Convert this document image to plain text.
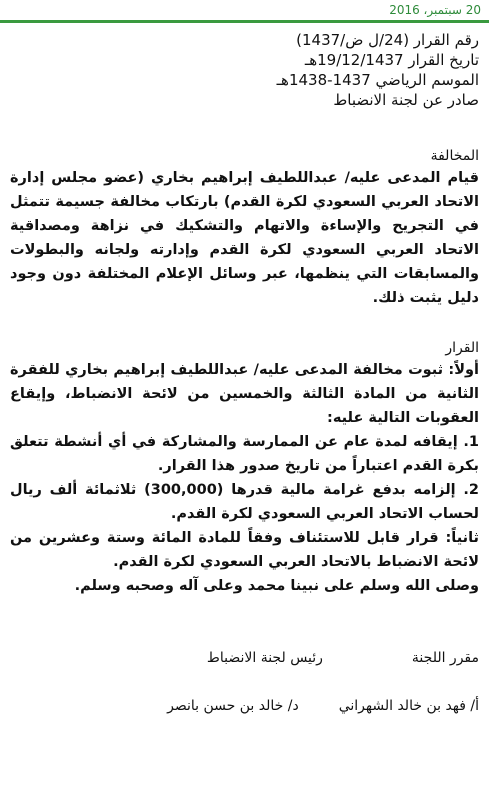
20 سبتمبر، 2016
رقم القرار (24/ل ض/1437)
تاريخ القرار 19/12/1437هـ
الموسم الرياضي 1437-1438هـ
صادر عن لجنة الانضباط
المخالفة

قيام المدعى عليه/ عبداللطيف إبراهيم بخاري (عضو مجلس إدارة الاتحاد العربي السعودي لكرة القدم) بارتكاب مخالفة جسيمة تتمثل في التجريح والإساءة والاتهام والتشكيك في نزاهة ومصداقية الاتحاد العربي السعودي لكرة القدم وإدارته ولجانه والبطولات والمسابقات التي ينظمها، عبر وسائل الإعلام المختلفة دون وجود دليل يثبت ذلك.

القرار

أولاً: ثبوت مخالفة المدعى عليه/ عبداللطيف إبراهيم بخاري للفقرة الثانية من المادة الثالثة والخمسين من لائحة الانضباط، وإيقاع العقوبات التالية عليه:

1. إيقافه لمدة عام عن الممارسة والمشاركة في أي أنشطة تتعلق بكرة القدم اعتباراً من تاريخ صدور هذا القرار.

2. إلزامه بدفع غرامة مالية قدرها (300,000) ثلاثمائة ألف ريال لحساب الاتحاد العربي السعودي لكرة القدم.

ثانياً: قرار قابل للاستئناف وفقاً للمادة المائة وستة وعشرين من لائحة الانضباط بالاتحاد العربي السعودي لكرة القدم.

وصلى الله وسلم على نبينا محمد وعلى آله وصحبه وسلم.

مقرر اللجنة                    رئيس لجنة الانضباط
أ/ فهد بن خالد الشهراني         د/ خالد بن حسن بانصر
